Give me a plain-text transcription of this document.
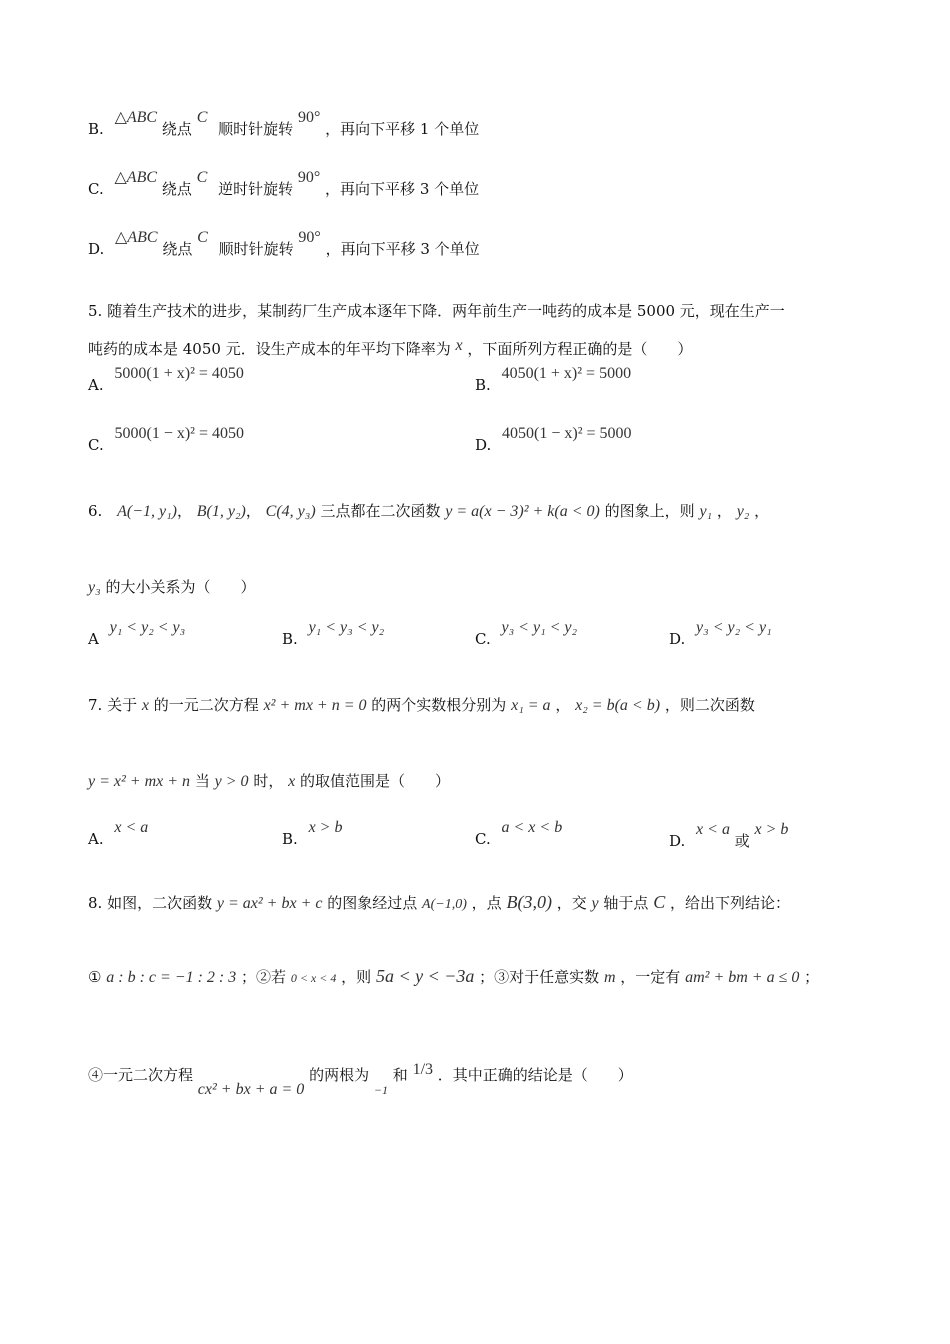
B. △ABC 绕点 C 顺时针旋转 90° ，再向下平移 1 个单位
C. △ABC 绕点 C 逆时针旋转 90° ，再向下平移 3 个单位
D. △ABC 绕点 C 顺时针旋转 90° ，再向下平移 3 个单位
5. 随着生产技术的进步，某制药厂生产成本逐年下降．两年前生产一吨药的成本是 5000 元，现在生产一
吨药的成本是 4050 元．设生产成本的年平均下降率为 x ，下面所列方程正确的是（　　）
A. 5000(1 + x)² = 4050
B. 4050(1 + x)² = 5000
C. 5000(1 − x)² = 4050
D. 4050(1 − x)² = 5000
6. A(−1, y₁)， B(1, y₂)， C(4, y₃) 三点都在二次函数 y = a(x − 3)² + k(a < 0) 的图象上，则 y₁ ， y₂ ，
y₃ 的大小关系为（　　）
A y₁ < y₂ < y₃
B. y₁ < y₃ < y₂
C. y₃ < y₁ < y₂
D. y₃ < y₂ < y₁
7. 关于 x 的一元二次方程 x² + mx + n = 0 的两个实数根分别为 x₁ = a ， x₂ = b(a < b) ，则二次函数
y = x² + mx + n 当 y > 0 时， x 的取值范围是（　　）
A. x < a
B. x > b
C. a < x < b
D. x < a 或 x > b
8. 如图，二次函数 y = ax² + bx + c 的图象经过点 A(−1,0) ，点 B(3,0) ，交 y 轴于点 C ，给出下列结论：
① a : b : c = −1 : 2 : 3 ；②若 0 < x < 4 ，则 5a < y < −3a ；③对于任意实数 m ，一定有 am² + bm + a ≤ 0 ；
④一元二次方程 cx² + bx + a = 0 的两根为 −1 和 1/3 ．其中正确的结论是（　　）
